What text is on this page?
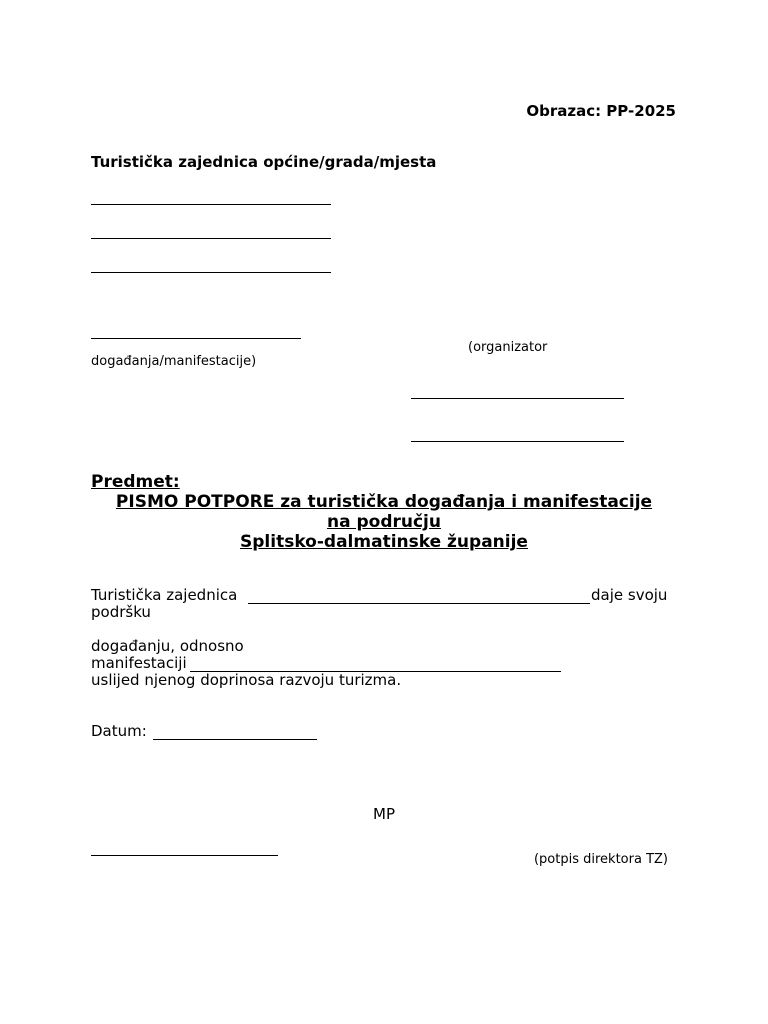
Obrazac: PP-2025
Turistička zajednica općine/grada/mjesta
(organizator
događanja/manifestacije)
Predmet:
PISMO POTPORE za turistička događanja i manifestacije
na području
Splitsko-dalmatinske županije
Turistička zajednica	daje svoju
podršku
događanju, odnosno
manifestaciji
uslijed njenog doprinosa razvoju turizma.
Datum:
MP
(potpis direktora TZ)
